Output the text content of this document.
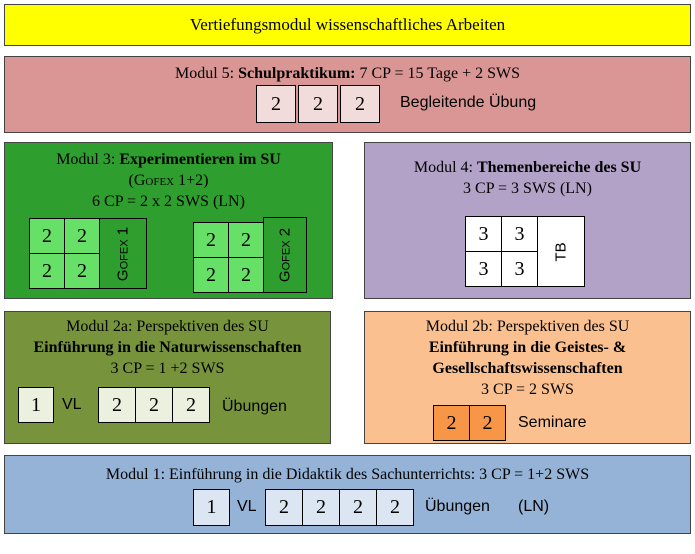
Vertiefungsmodul wissenschaftliches Arbeiten
Modul 5: Schulpraktikum: 7 CP = 15 Tage + 2 SWS
2	2	2	Begleitende Übung
Modul 3: Experimentieren im SU
(Gofex 1+2)
6 CP = 2 x 2 SWS (LN)
2	2
2	2	Gofex 1	2	2
2	2	Gofex 2
Modul 4: Themenbereiche des SU
3 CP = 3 SWS (LN)
3	3
3	3
TB
Modul 2a: Perspektiven des SU
Einführung in die Naturwissenschaften
3 CP = 1 +2 SWS
1	VL	2	2	2	Übungen
Modul 2b: Perspektiven des SU
Einführung in die Geistes- &
Gesellschaftswissenschaften
3 CP = 2 SWS
2	2	Seminare
Modul 1: Einführung in die Didaktik des Sachunterrichts: 3 CP = 1+2 SWS
1	VL	2	2	2	2	Übungen (LN)
